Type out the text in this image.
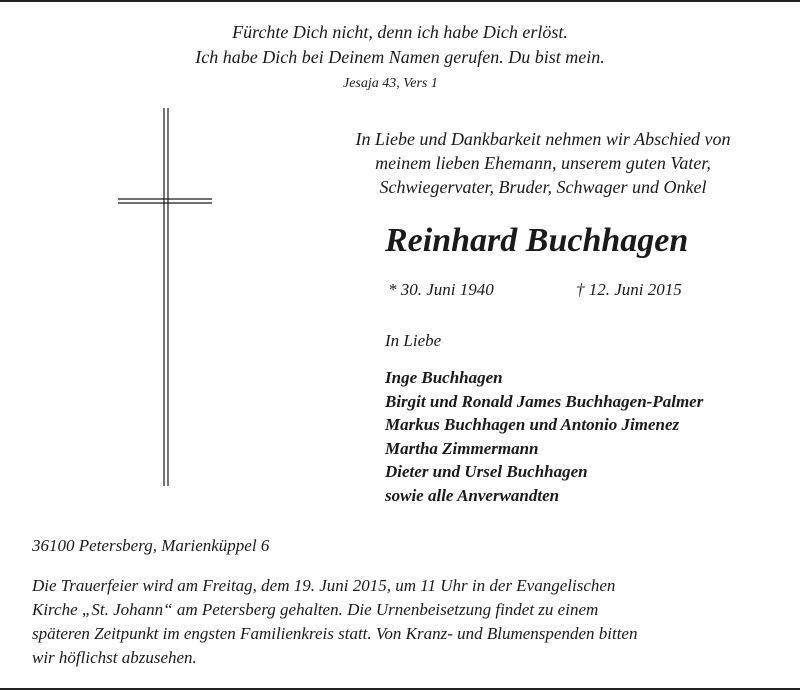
Fürchte Dich nicht, denn ich habe Dich erlöst.
Ich habe Dich bei Deinem Namen gerufen. Du bist mein.
Jesaja 43, Vers 1
In Liebe und Dankbarkeit nehmen wir Abschied von
meinem lieben Ehemann, unserem guten Vater,
Schwiegervater, Bruder, Schwager und Onkel
Reinhard Buchhagen
* 30. Juni 1940	† 12. Juni 2015
In Liebe
Inge Buchhagen
Birgit und Ronald James Buchhagen-Palmer
Markus Buchhagen und Antonio Jimenez
Martha Zimmermann
Dieter und Ursel Buchhagen
sowie alle Anverwandten
36100 Petersberg, Marienküppel 6
Die Trauerfeier wird am Freitag, dem 19. Juni 2015, um 11 Uhr in der Evangelischen
Kirche „St. Johann“ am Petersberg gehalten. Die Urnenbeisetzung findet zu einem
späteren Zeitpunkt im engsten Familienkreis statt. Von Kranz- und Blumenspenden bitten
wir höflichst abzusehen.
